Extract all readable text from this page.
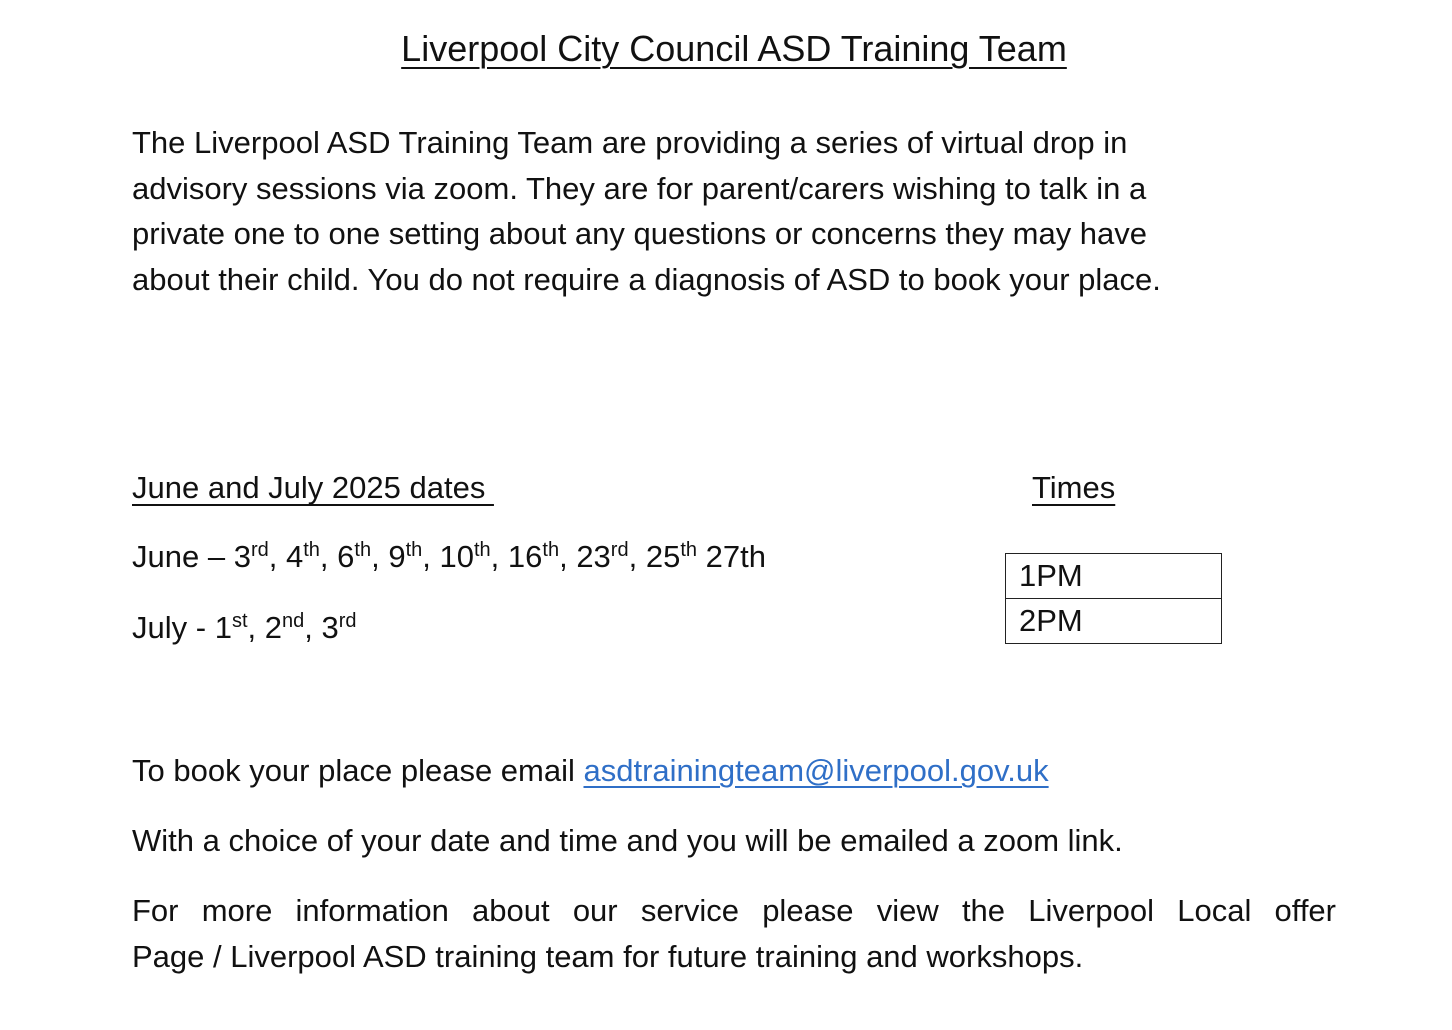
Liverpool City Council ASD Training Team

The Liverpool ASD Training Team are providing a series of virtual drop in
advisory sessions via zoom. They are for parent/carers wishing to talk in a
private one to one setting about any questions or concerns they may have
about their child. You do not require a diagnosis of ASD to book your place.

June and July 2025 dates	Times
June – 3rd, 4th, 6th, 9th, 10th, 16th, 23rd, 25th 27th
July - 1st, 2nd, 3rd
1PM
2PM

To book your place please email asdtrainingteam@liverpool.gov.uk

With a choice of your date and time and you will be emailed a zoom link.

For more information about our service please view the Liverpool Local offer
Page / Liverpool ASD training team for future training and workshops.
